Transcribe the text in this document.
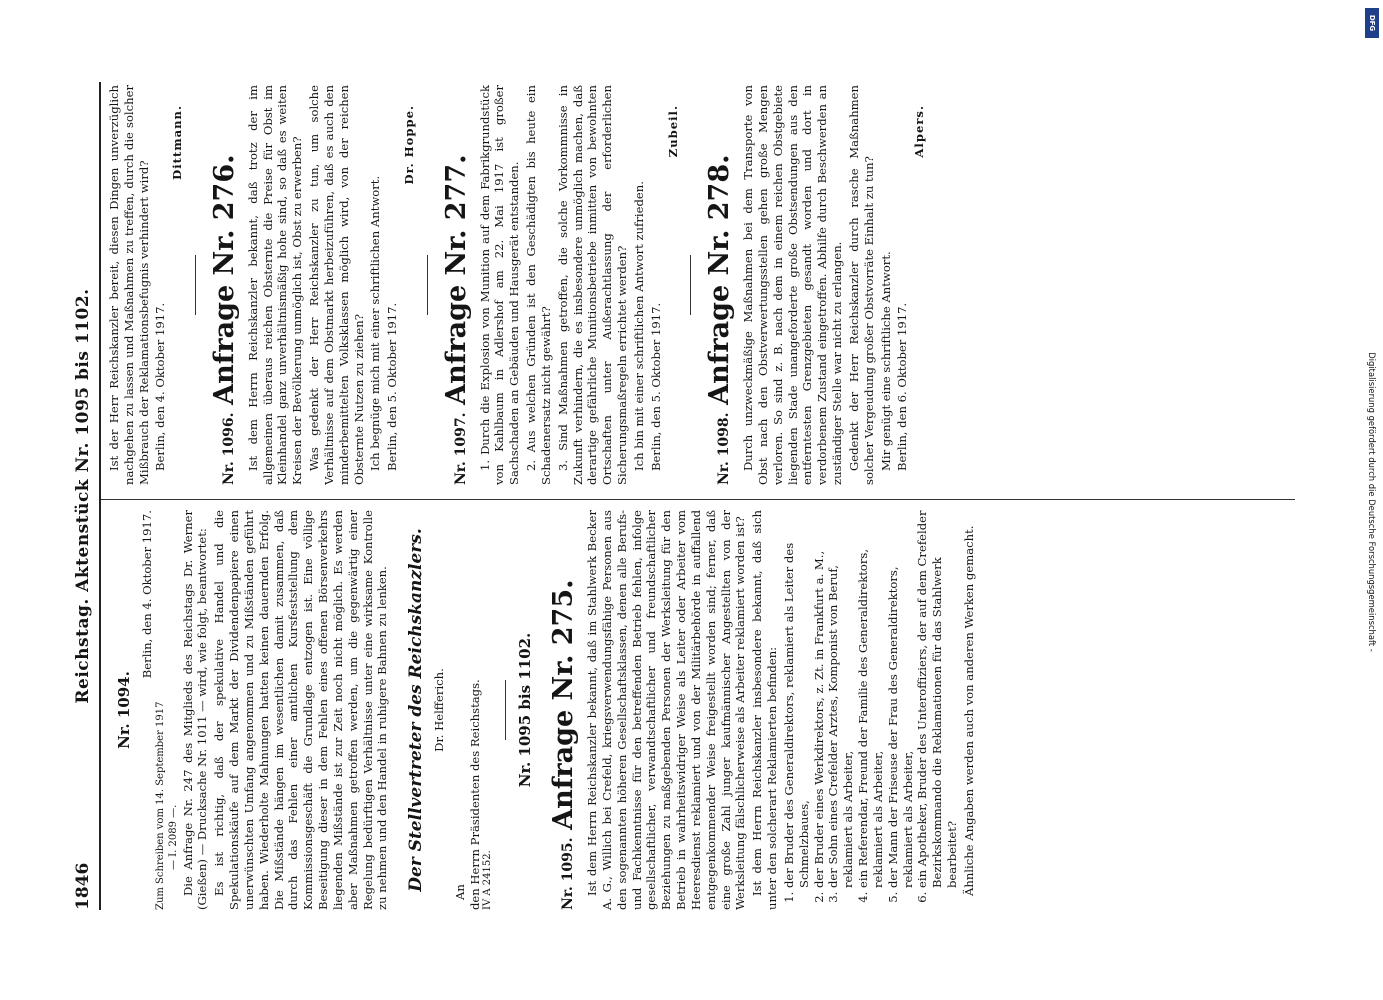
1846
Reichstag. Aktenstück Nr. 1095 bis 1102.
Nr. 1094.
Berlin, den 4. Oktober 1917.
Zum Schreiben vom 14. September 1917 — I. 2089 —. Die Anfrage Nr. 247 des Mitglieds des Reichstags Dr. Werner (Gießen) — Drucksache Nr. 1011 — wird, wie folgt, beantwortet: Es ist richtig, daß der spekulative Handel und die Spekulationskäufe auf dem Markt der Dividendenpapiere einen unerwünschten Umfang angenommen und zu Mißständen geführt haben. Wiederholte Mahnungen hatten keinen dauernden Erfolg. Die Mißstände hängen im wesentlichen damit zusammen, daß durch das Fehlen einer amtlichen Kursfeststellung dem Kommissionsgeschäft die Grundlage entzogen ist. Eine völlige Beseitigung dieser in dem Fehlen eines offenen Börsenverkehrs liegenden Mißstände ist zur Zeit noch nicht möglich. Es werden aber Maßnahmen getroffen werden, um die gegenwärtig einer Regelung bedürftigen Verhältnisse unter eine wirksame Kontrolle zu nehmen und den Handel in ruhigere Bahnen zu lenken. Der Stellvertreter des Reichskanzlers. Dr. Helfferich.
An den Herrn Präsidenten des Reichstags. IV A 24152.
Nr. 1095 bis 1102.
Nr. 1095. Anfrage Nr. 275. Ist dem Herrn Reichskanzler bekannt, daß im Stahlwerk Becker A. G., Willich bei Crefeld, kriegsverwendungsfähige Personen aus den sogenannten höheren Gesellschaftsklassen, denen alle Berufs- und Fachkenntnisse für den betreffenden Betrieb fehlen, infolge gesellschaftlicher, verwandtschaftlicher und freundschaftlicher Beziehungen zu maßgebenden Personen der Werksleitung für den Betrieb in wahrheitswidriger Weise als Leiter oder Arbeiter vom Heeresdienst reklamiert und von der Militärbehörde in auffallend entgegenkommender Weise freigestellt worden sind; ferner, daß eine große Zahl junger kaufmännischer Angestellten von der Werksleitung fälschlicherweise als Arbeiter reklamiert worden ist? Ist dem Herrn Reichskanzler insbesondere bekannt, daß sich unter den solcherart Reklamierten befinden: 1. der Bruder des Generaldirektors, reklamiert als Leiter des Schmelzbaues, 2. der Bruder eines Werkdirektors, z. Zt. in Frankfurt a. M., 3. der Sohn eines Crefelder Arztes, Komponist von Beruf, reklamiert als Arbeiter, 4. ein Referendar, Freund der Familie des Generaldirektors, reklamiert als Arbeiter, 5. der Mann der Friseuse der Frau des Generaldirektors, reklamiert als Arbeiter, 6. ein Apotheker, Bruder des Unteroffiziers, der auf dem Crefelder Bezirkskommando die Reklamationen für das Stahlwerk bearbeitet? Ähnliche Angaben werden auch von anderen Werken gemacht.

Ist der Herr Reichskanzler bereit, diesen Dingen unverzüglich nachgehen zu lassen und Maßnahmen zu treffen, durch die solcher Mißbrauch der Reklamationsbefugnis verhindert wird? Berlin, den 4. Oktober 1917.

Dittmann.
Nr. 1096. Anfrage Nr. 276. Ist dem Herrn Reichskanzler bekannt, daß trotz der im allgemeinen überaus reichen Obsternte die Preise für Obst im Kleinhandel ganz unverhältnismäßig hohe sind, so daß es weiten Kreisen der Bevölkerung unmöglich ist, Obst zu erwerben? Was gedenkt der Herr Reichskanzler zu tun, um solche Verhältnisse auf dem Obstmarkt herbeizuführen, daß es auch den minderbemittelten Volksklassen möglich wird, von der reichen Obsternte Nutzen zu ziehen? Ich begnüge mich mit einer schriftlichen Antwort. Berlin, den 5. Oktober 1917.

Dr. Hoppe.
Nr. 1097. Anfrage Nr. 277. 1. Durch die Explosion von Munition auf dem Fabrikgrundstück von Kahlbaum in Adlershof am 22. Mai 1917 ist großer Sachschaden an Gebäuden und Hausgerät entstanden. 2. Aus welchen Gründen ist den Geschädigten bis heute ein Schadenersatz nicht gewährt? 3. Sind Maßnahmen getroffen, die solche Vorkommnisse in Zukunft verhindern, die es insbesondere unmöglich machen, daß derartige gefährliche Munitionsbetriebe inmitten von bewohnten Ortschaften unter Außerachtlassung der erforderlichen Sicherungsmaßregeln errichtet werden? Ich bin mit einer schriftlichen Antwort zufrieden. Berlin, den 5. Oktober 1917.

Zubeil.
Nr. 1098. Anfrage Nr. 278. Durch unzweckmäßige Maßnahmen bei dem Transporte von Obst nach den Obstverwertungsstellen gehen große Mengen verloren. So sind z. B. nach dem in einem reichen Obstgebiete liegenden Stade unangeforderte große Obstsendungen aus den entferntesten Grenzgebieten gesandt worden und dort in verdorbenem Zustand eingetroffen. Abhilfe durch Beschwerden an zuständiger Stelle war nicht zu erlangen. Gedenkt der Herr Reichskanzler durch rasche Maßnahmen solcher Vergeudung großer Obstvorräte Einhalt zu tun? Mir genügt eine schriftliche Antwort. Berlin, den 6. Oktober 1917.

Alpers.
DFG
Digitalisierung gefördert durch die Deutsche Forschungsgemeinschaft -
